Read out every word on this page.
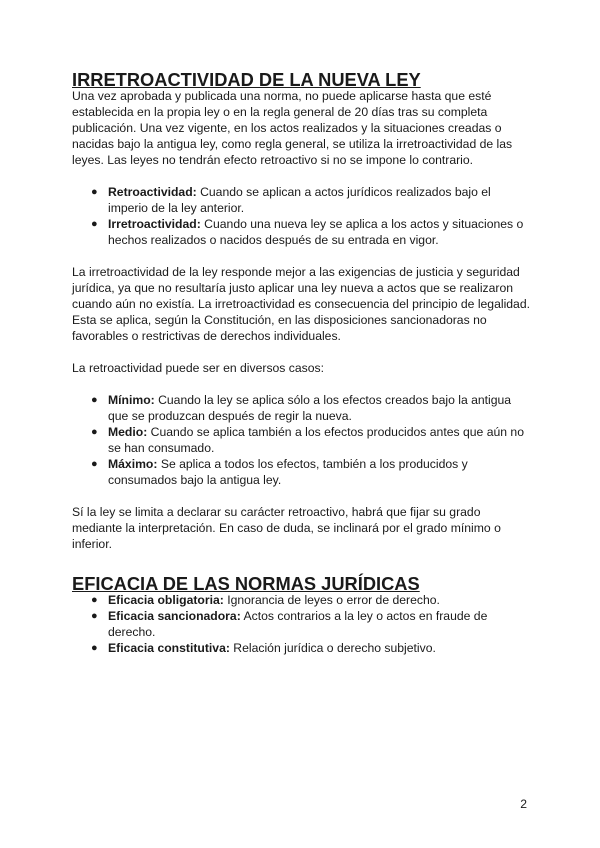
IRRETROACTIVIDAD DE LA NUEVA LEY

Una vez aprobada y publicada una norma, no puede aplicarse hasta que esté establecida en la propia ley o en la regla general de 20 días tras su completa publicación. Una vez vigente, en los actos realizados y la situaciones creadas o nacidas bajo la antigua ley, como regla general, se utiliza la irretroactividad de las leyes. Las leyes no tendrán efecto retroactivo si no se impone lo contrario.

● Retroactividad: Cuando se aplican a actos jurídicos realizados bajo el imperio de la ley anterior.
● Irretroactividad: Cuando una nueva ley se aplica a los actos y situaciones o hechos realizados o nacidos después de su entrada en vigor.

La irretroactividad de la ley responde mejor a las exigencias de justicia y seguridad jurídica, ya que no resultaría justo aplicar una ley nueva a actos que se realizaron cuando aún no existía. La irretroactividad es consecuencia del principio de legalidad. Esta se aplica, según la Constitución, en las disposiciones sancionadoras no favorables o restrictivas de derechos individuales.

La retroactividad puede ser en diversos casos:

● Mínimo: Cuando la ley se aplica sólo a los efectos creados bajo la antigua que se produzcan después de regir la nueva.
● Medio: Cuando se aplica también a los efectos producidos antes que aún no se han consumado.
● Máximo: Se aplica a todos los efectos, también a los producidos y consumados bajo la antigua ley.

Sí la ley se limita a declarar su carácter retroactivo, habrá que fijar su grado mediante la interpretación. En caso de duda, se inclinará por el grado mínimo o inferior.

EFICACIA DE LAS NORMAS JURÍDICAS
● Eficacia obligatoria: Ignorancia de leyes o error de derecho.
● Eficacia sancionadora: Actos contrarios a la ley o actos en fraude de derecho.
● Eficacia constitutiva: Relación jurídica o derecho subjetivo.
2
